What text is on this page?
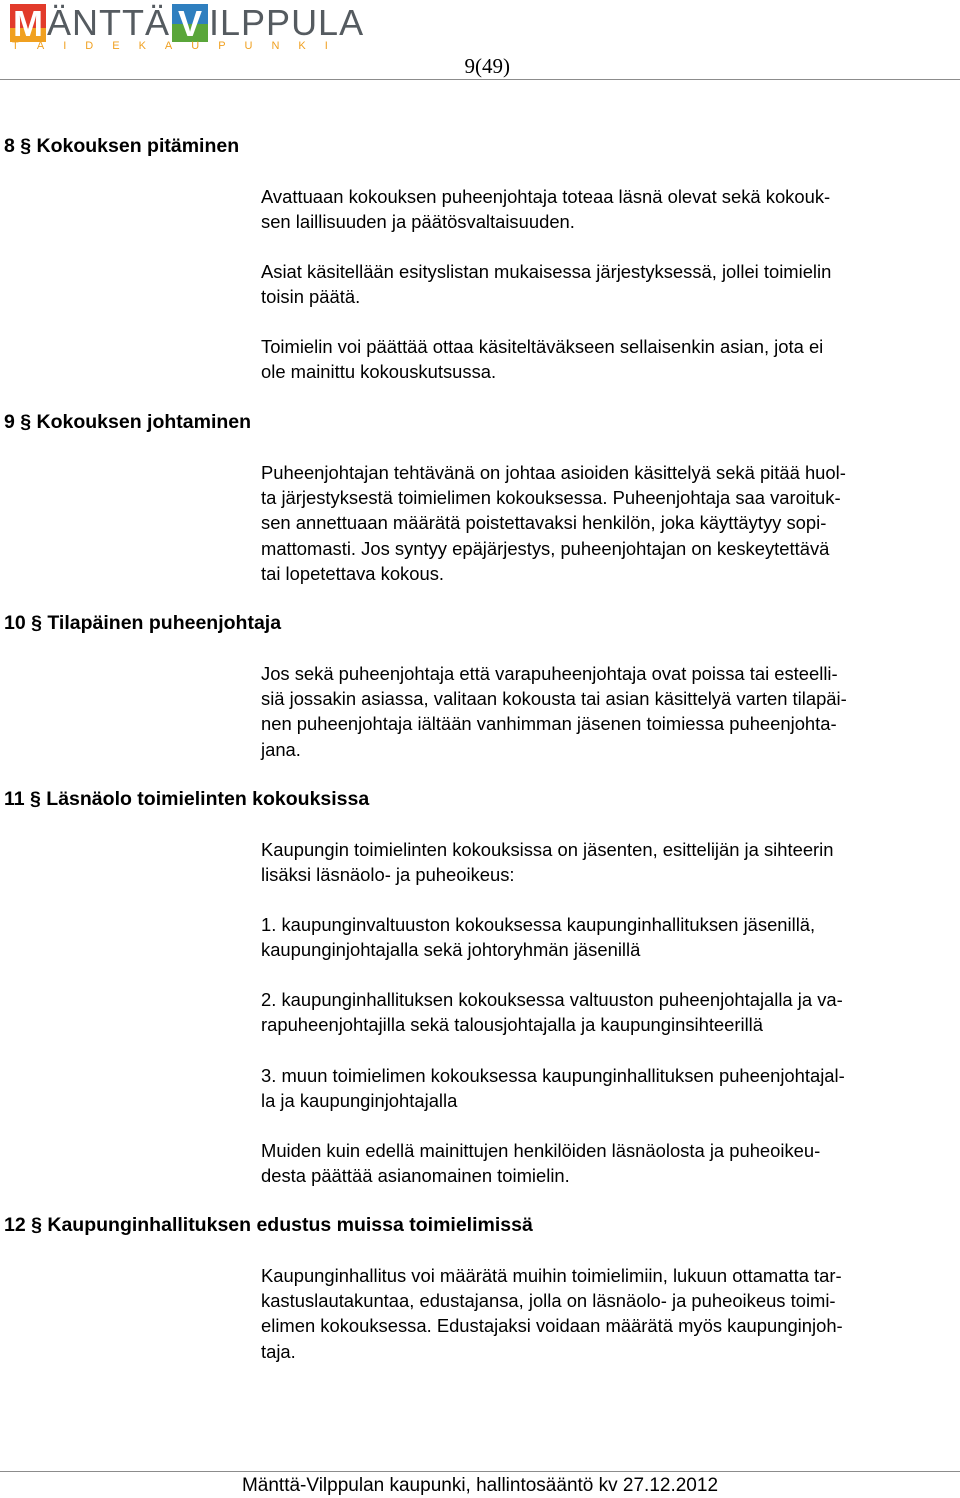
M ÄNTTÄ V ILPPULA
TAIDEKAUPUNKI
9(49)
8 § Kokouksen pitäminen
Avattuaan kokouksen puheenjohtaja toteaa läsnä olevat sekä kokouk-
sen laillisuuden ja päätösvaltaisuuden.
Asiat käsitellään esityslistan mukaisessa järjestyksessä, jollei toimielin
toisin päätä.
Toimielin voi päättää ottaa käsiteltäväkseen sellaisenkin asian, jota ei
ole mainittu kokouskutsussa.
9 § Kokouksen johtaminen
Puheenjohtajan tehtävänä on johtaa asioiden käsittelyä sekä pitää huol-
ta järjestyksestä toimielimen kokouksessa. Puheenjohtaja saa varoituk-
sen annettuaan määrätä poistettavaksi henkilön, joka käyttäytyy sopi-
mattomasti. Jos syntyy epäjärjestys, puheenjohtajan on keskeytettävä
tai lopetettava kokous.
10 § Tilapäinen puheenjohtaja
Jos sekä puheenjohtaja että varapuheenjohtaja ovat poissa tai esteelli-
siä jossakin asiassa, valitaan kokousta tai asian käsittelyä varten tilapäi-
nen puheenjohtaja iältään vanhimman jäsenen toimiessa puheenjohta-
jana.
11 § Läsnäolo toimielinten kokouksissa
Kaupungin toimielinten kokouksissa on jäsenten, esittelijän ja sihteerin
lisäksi läsnäolo- ja puheoikeus:
1. kaupunginvaltuuston kokouksessa kaupunginhallituksen jäsenillä,
kaupunginjohtajalla sekä johtoryhmän jäsenillä
2. kaupunginhallituksen kokouksessa valtuuston puheenjohtajalla ja va-
rapuheenjohtajilla sekä talousjohtajalla ja kaupunginsihteerillä
3. muun toimielimen kokouksessa kaupunginhallituksen puheenjohtajal-
la ja kaupunginjohtajalla
Muiden kuin edellä mainittujen henkilöiden läsnäolosta ja puheoikeu-
desta päättää asianomainen toimielin.
12 § Kaupunginhallituksen edustus muissa toimielimissä
Kaupunginhallitus voi määrätä muihin toimielimiin, lukuun ottamatta tar-
kastuslautakuntaa, edustajansa, jolla on läsnäolo- ja puheoikeus toimi-
elimen kokouksessa. Edustajaksi voidaan määrätä myös kaupunginjoh-
taja.
Mänttä-Vilppulan kaupunki, hallintosääntö kv 27.12.2012
